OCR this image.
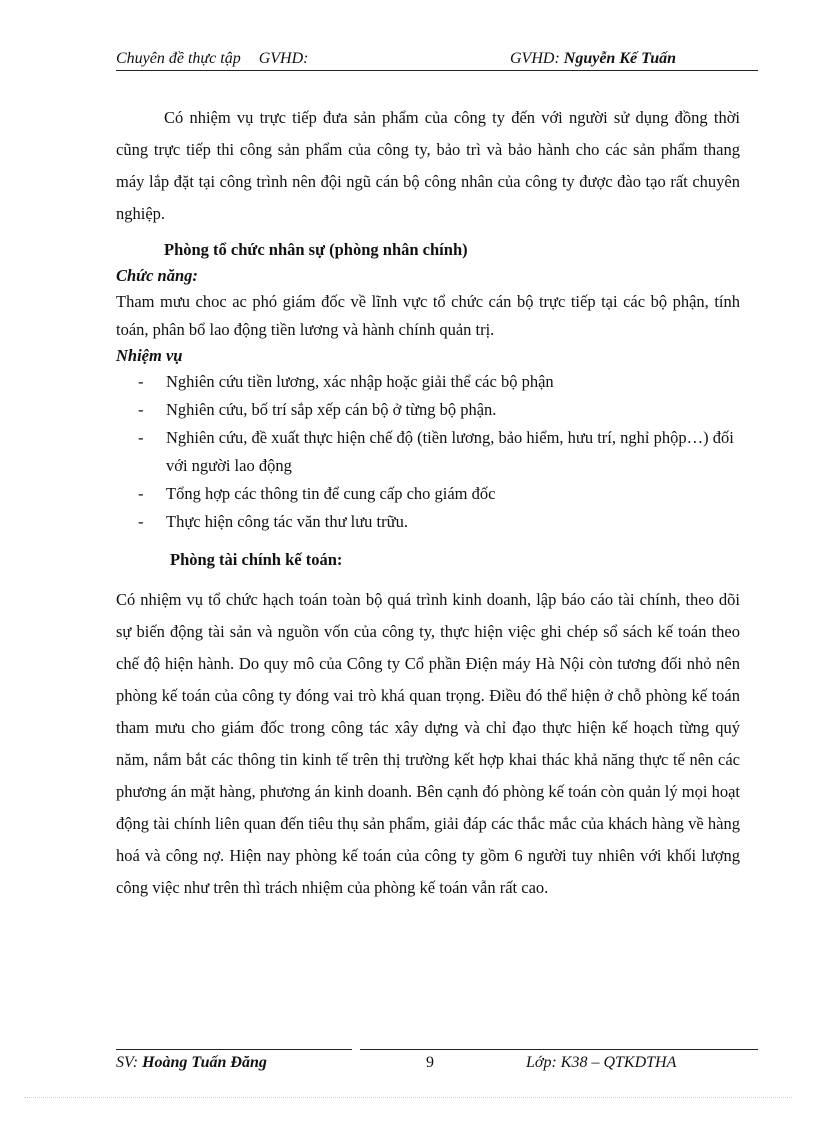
Chuyên đề thực tập GVHD:	GVHD: Nguyễn Kế Tuấn

Có nhiệm vụ trực tiếp đưa sản phẩm của công ty đến với người sử dụng đồng thời cũng trực tiếp thi công sản phẩm của công ty, bảo trì và bảo hành cho các sản phẩm thang máy lắp đặt tại công trình nên đội ngũ cán bộ công nhân của công ty được đào tạo rất chuyên nghiệp.

Phòng tổ chức nhân sự (phòng nhân chính)

Chức năng:

Tham mưu choc ac phó giám đốc về lĩnh vực tổ chức cán bộ trực tiếp tại các bộ phận, tính toán, phân bổ lao động tiền lương và hành chính quản trị.

Nhiệm vụ

- Nghiên cứu tiền lương, xác nhập hoặc giải thể các bộ phận
- Nghiên cứu, bố trí sắp xếp cán bộ ở từng bộ phận.
- Nghiên cứu, đề xuất thực hiện chế độ (tiền lương, bảo hiểm, hưu trí, nghỉ phộp…) đối với người lao động
- Tổng hợp các thông tin để cung cấp cho giám đốc
- Thực hiện công tác văn thư lưu trữu.

Phòng tài chính kế toán:

Có nhiệm vụ tổ chức hạch toán toàn bộ quá trình kinh doanh, lập báo cáo tài chính, theo dõi sự biến động tài sản và nguồn vốn của công ty, thực hiện việc ghi chép sổ sách kế toán theo chế độ hiện hành. Do quy mô của Công ty Cổ phần Điện máy Hà Nội còn tương đối nhỏ nên phòng kế toán của công ty đóng vai trò khá quan trọng. Điều đó thể hiện ở chỗ phòng kế toán tham mưu cho giám đốc trong công tác xây dựng và chỉ đạo thực hiện kế hoạch từng quý năm, nắm bắt các thông tin kinh tế trên thị trường kết hợp khai thác khả năng thực tế nên các phương án mặt hàng, phương án kinh doanh. Bên cạnh đó phòng kế toán còn quản lý mọi hoạt động tài chính liên quan đến tiêu thụ sản phẩm, giải đáp các thắc mắc của khách hàng về hàng hoá và công nợ. Hiện nay phòng kế toán của công ty gồm 6 người tuy nhiên với khối lượng công việc như trên thì trách nhiệm của phòng kế toán vẫn rất cao.

SV: Hoàng Tuấn Đăng	9	Lớp: K38 – QTKDTHA
